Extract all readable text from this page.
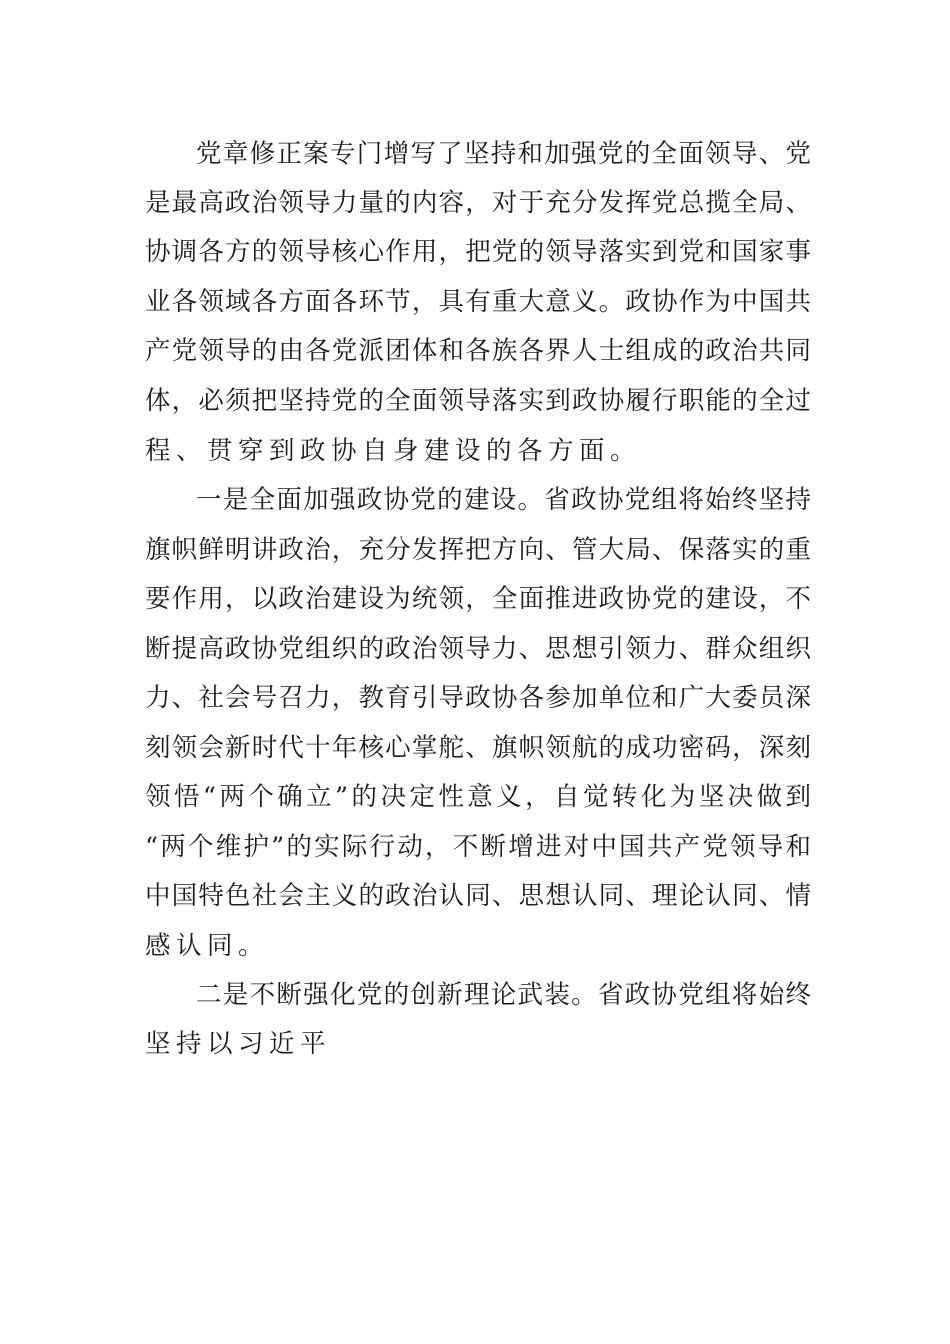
党章修正案专门增写了坚持和加强党的全面领导、党
是最高政治领导力量的内容，对于充分发挥党总揽全局、
协调各方的领导核心作用，把党的领导落实到党和国家事
业各领域各方面各环节，具有重大意义。政协作为中国共
产党领导的由各党派团体和各族各界人士组成的政治共同
体，必须把坚持党的全面领导落实到政协履行职能的全过
程、贯穿到政协自身建设的各方面。
一是全面加强政协党的建设。省政协党组将始终坚持
旗帜鲜明讲政治，充分发挥把方向、管大局、保落实的重
要作用，以政治建设为统领，全面推进政协党的建设，不
断提高政协党组织的政治领导力、思想引领力、群众组织
力、社会号召力，教育引导政协各参加单位和广大委员深
刻领会新时代十年核心掌舵、旗帜领航的成功密码，深刻
领悟“两个确立”的决定性意义，自觉转化为坚决做到
“两个维护”的实际行动，不断增进对中国共产党领导和
中国特色社会主义的政治认同、思想认同、理论认同、情
感认同。
二是不断强化党的创新理论武装。省政协党组将始终
坚持以习近平
